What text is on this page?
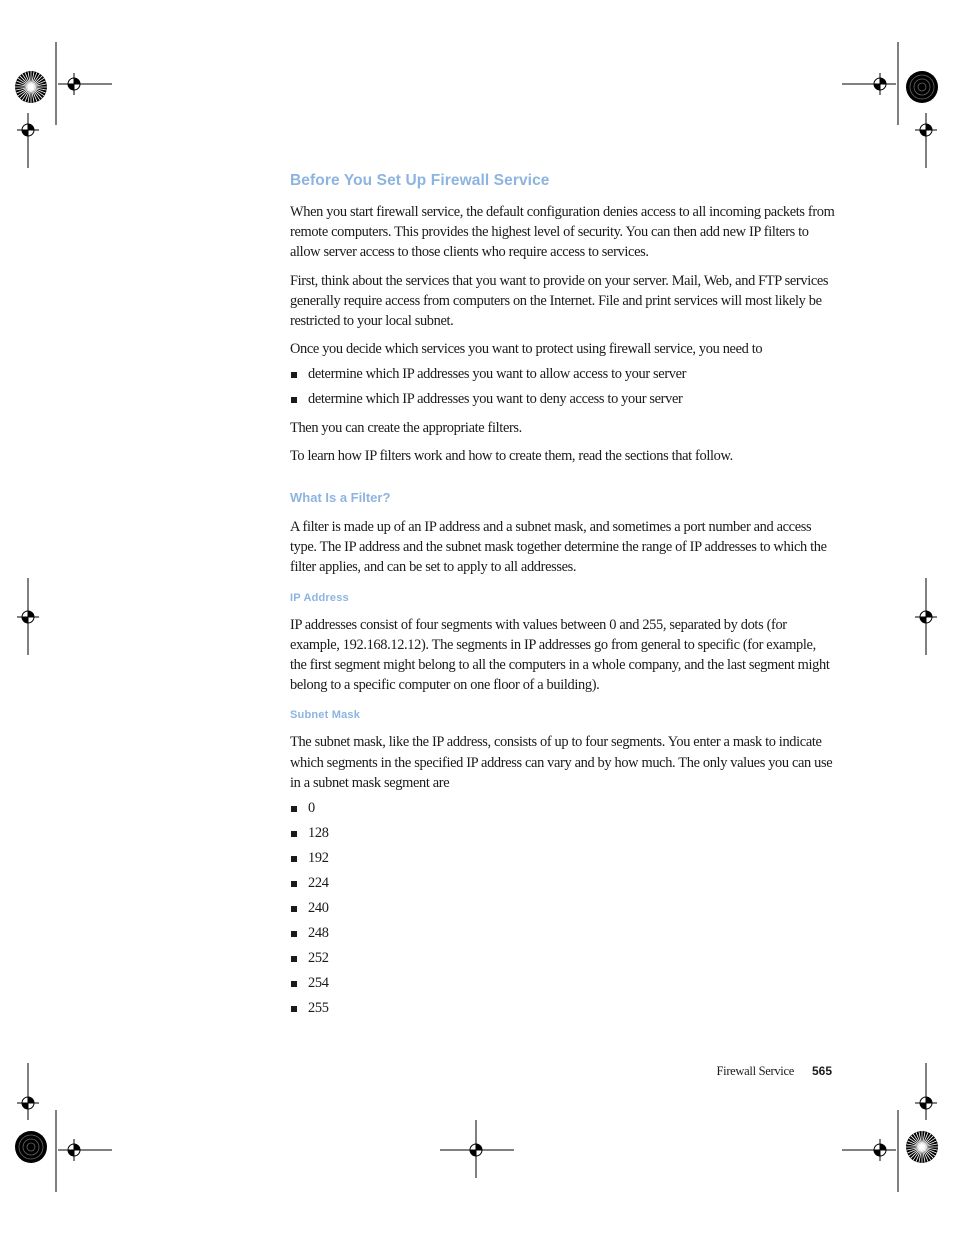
Before You Set Up Firewall Service

When you start firewall service, the default configuration denies access to all incoming packets from remote computers. This provides the highest level of security. You can then add new IP filters to allow server access to those clients who require access to services.

First, think about the services that you want to provide on your server. Mail, Web, and FTP services generally require access from computers on the Internet. File and print services will most likely be restricted to your local subnet.

Once you decide which services you want to protect using firewall service, you need to

determine which IP addresses you want to allow access to your server
determine which IP addresses you want to deny access to your server

Then you can create the appropriate filters.

To learn how IP filters work and how to create them, read the sections that follow.

What Is a Filter?

A filter is made up of an IP address and a subnet mask, and sometimes a port number and access type. The IP address and the subnet mask together determine the range of IP addresses to which the filter applies, and can be set to apply to all addresses.

IP Address

IP addresses consist of four segments with values between 0 and 255, separated by dots (for example, 192.168.12.12). The segments in IP addresses go from general to specific (for example, the first segment might belong to all the computers in a whole company, and the last segment might belong to a specific computer on one floor of a building).

Subnet Mask

The subnet mask, like the IP address, consists of up to four segments. You enter a mask to indicate which segments in the specified IP address can vary and by how much. The only values you can use in a subnet mask segment are

0
128
192
224
240
248
252
254
255
Firewall Service 565
